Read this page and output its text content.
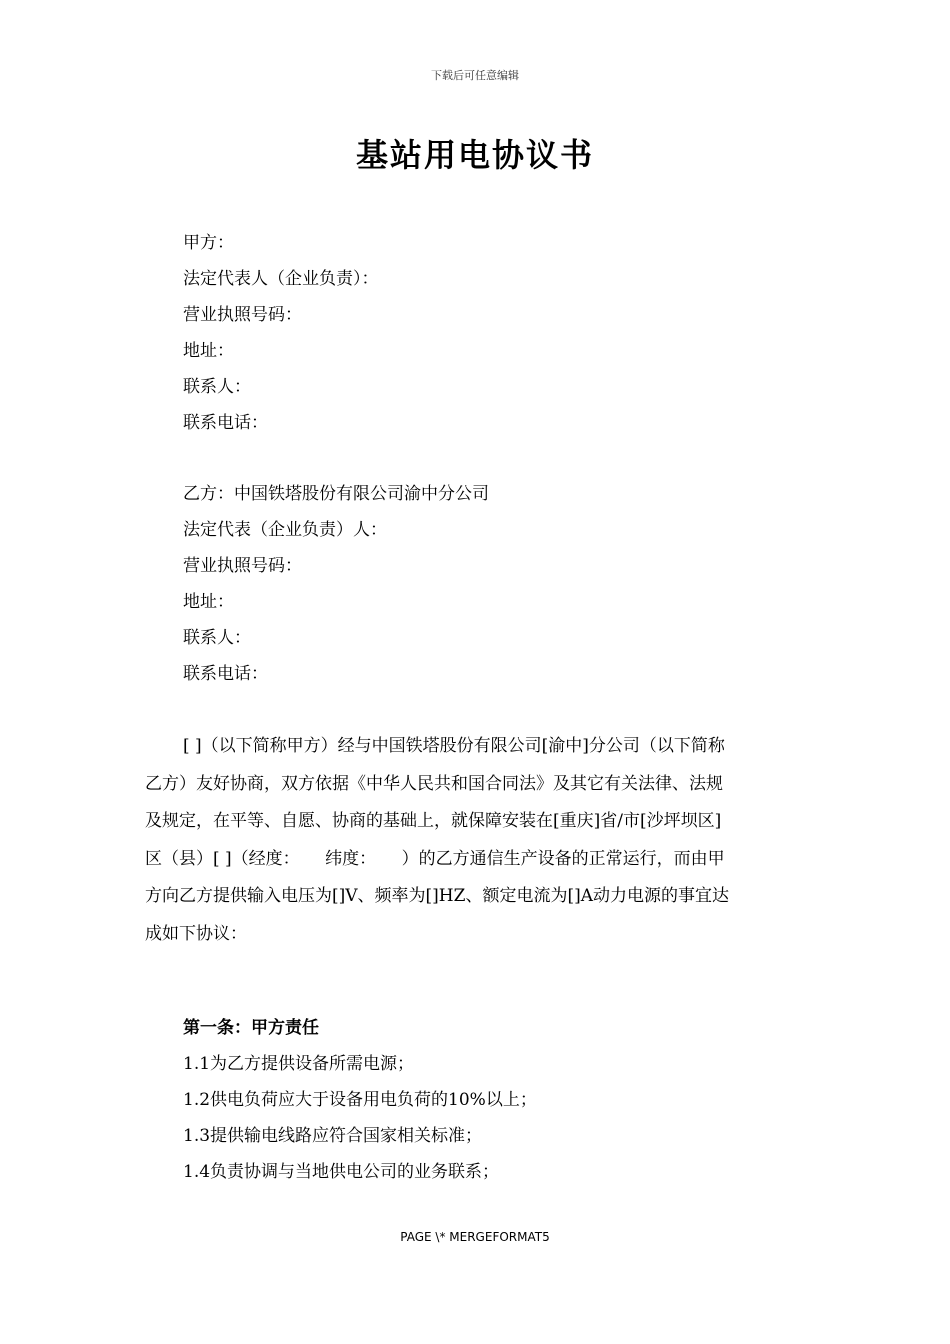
下载后可任意编辑
基站用电协议书
甲方：
法定代表人（企业负责）：
营业执照号码：
地址：
联系人：
联系电话：
乙方：中国铁塔股份有限公司渝中分公司
法定代表（企业负责）人：
营业执照号码：
地址：
联系人：
联系电话：
[ ]（以下简称甲方）经与中国铁塔股份有限公司[渝中]分公司（以下简称
乙方）友好协商，双方依据《中华人民共和国合同法》及其它有关法律、法规
及规定，在平等、自愿、协商的基础上，就保障安装在[重庆]省/市[沙坪坝区]
区（县）[ ]（经度：　　纬度：　　）的乙方通信生产设备的正常运行，而由甲
方向乙方提供输入电压为[]V、频率为[]HZ、额定电流为[]A动力电源的事宜达
成如下协议：
第一条：甲方责任
1.1为乙方提供设备所需电源；
1.2供电负荷应大于设备用电负荷的10%以上；
1.3提供输电线路应符合国家相关标准；
1.4负责协调与当地供电公司的业务联系；
PAGE \* MERGEFORMAT5
